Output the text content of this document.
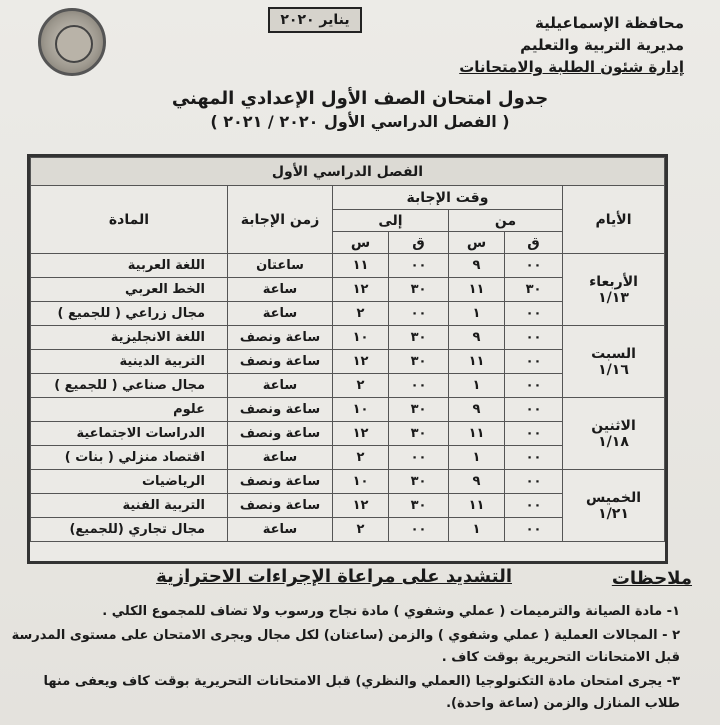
محافظة الإسماعيلية
مديرية التربية والتعليم
إدارة شئون الطلبة والامتحانات
يناير ٢٠٢٠
جدول امتحان الصف الأول الإعدادي المهني
( الفصل الدراسي الأول ٢٠٢٠ / ٢٠٢١ )
الفصل الدراسي الأول						
الأيام	وقت الإجابة				زمن الإجابة	المادة
	من		إلى			
	ق	س	ق	س		

الأربعاء
١/١٣	٠٠	٩	٠٠	١١	ساعتان	اللغة العربية
	٣٠	١١	٣٠	١٢	ساعة	الخط العربي
	٠٠	١	٠٠	٢	ساعة	مجال زراعي ( للجميع )

السبت
١/١٦	٠٠	٩	٣٠	١٠	ساعة ونصف	اللغة الانجليزية
	٠٠	١١	٣٠	١٢	ساعة ونصف	التربية الدينية
	٠٠	١	٠٠	٢	ساعة	مجال صناعي ( للجميع )

الاثنين
١/١٨	٠٠	٩	٣٠	١٠	ساعة ونصف	علوم
	٠٠	١١	٣٠	١٢	ساعة ونصف	الدراسات الاجتماعية
	٠٠	١	٠٠	٢	ساعة	اقتصاد منزلي ( بنات )

الخميس
١/٢١	٠٠	٩	٣٠	١٠	ساعة ونصف	الرياضيات
	٠٠	١١	٣٠	١٢	ساعة ونصف	التربية الفنية
	٠٠	١	٠٠	٢	ساعة	مجال تجاري (للجميع)
ملاحظات
التشديد على مراعاة الإجراءات الاحترازية
١- مادة الصيانة والترميمات ( عملي وشفوي ) مادة نجاح ورسوب ولا تضاف للمجموع الكلي .
٢ - المجالات العملية ( عملي وشفوي ) والزمن (ساعتان) لكل مجال ويجرى الامتحان على مستوى المدرسة
قبل الامتحانات التحريرية بوقت كاف .
٣- يجرى امتحان مادة التكنولوجيا (العملي والنظري) قبل الامتحانات التحريرية بوقت كاف ويعفى منها
طلاب المنازل والزمن (ساعة واحدة).
